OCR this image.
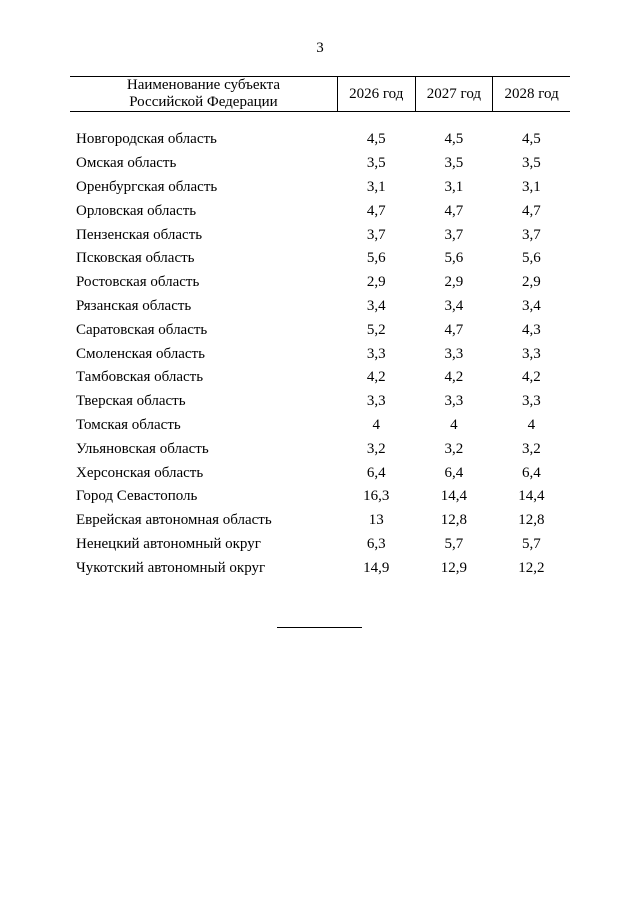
3
Наименование субъекта
Российской Федерации	2026 год	2027 год	2028 год

Новгородская область	4,5	4,5	4,5
Омская область	3,5	3,5	3,5
Оренбургская область	3,1	3,1	3,1
Орловская область	4,7	4,7	4,7
Пензенская область	3,7	3,7	3,7
Псковская область	5,6	5,6	5,6
Ростовская область	2,9	2,9	2,9
Рязанская область	3,4	3,4	3,4
Саратовская область	5,2	4,7	4,3
Смоленская область	3,3	3,3	3,3
Тамбовская область	4,2	4,2	4,2
Тверская область	3,3	3,3	3,3
Томская область	4	4	4
Ульяновская область	3,2	3,2	3,2
Херсонская область	6,4	6,4	6,4
Город Севастополь	16,3	14,4	14,4
Еврейская автономная область	13	12,8	12,8
Ненецкий автономный округ	6,3	5,7	5,7
Чукотский автономный округ	14,9	12,9	12,2
